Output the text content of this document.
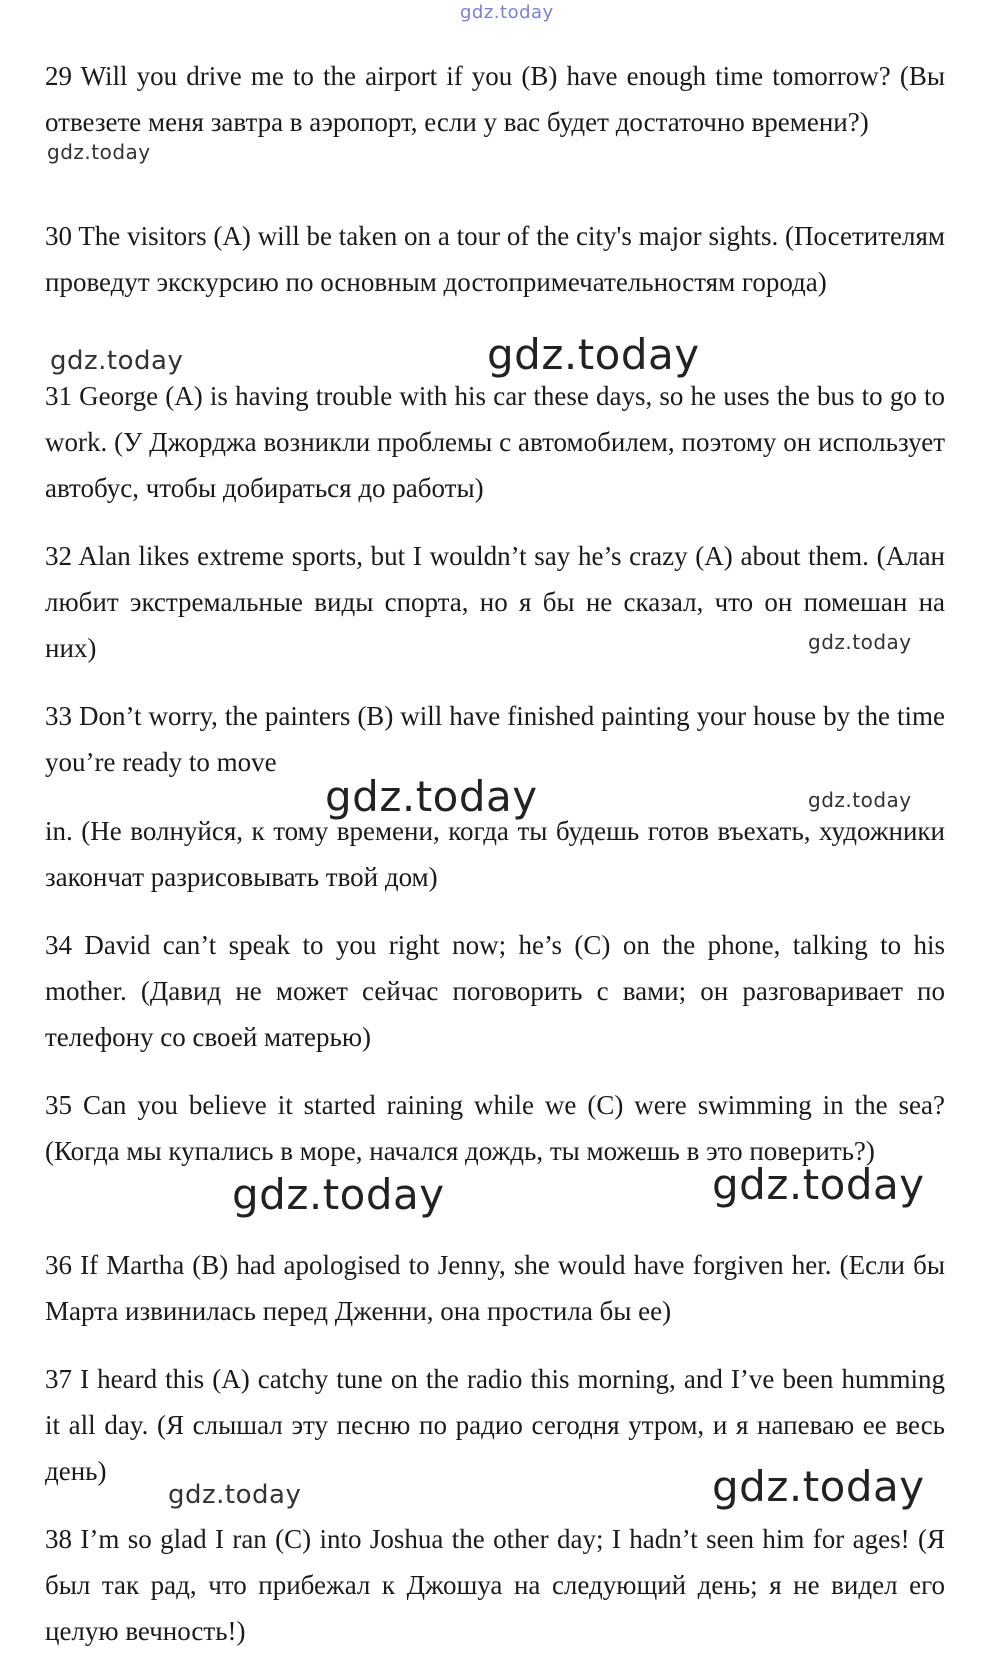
gdz.today
gdz.today
gdz.today	gdz.today
gdz.today
gdz.today	gdz.today
gdz.today	gdz.today
gdz.today	gdz.today

29 Will you drive me to the airport if you (B) have enough time tomorrow? (Вы отвезете меня завтра в аэропорт, если у вас будет достаточно времени?)

30 The visitors (A) will be taken on a tour of the city's major sights. (Посетителям проведут экскурсию по основным достопримечательностям города)

31 George (A) is having trouble with his car these days, so he uses the bus to go to work. (У Джорджа возникли проблемы с автомобилем, поэтому он использует автобус, чтобы добираться до работы)

32 Alan likes extreme sports, but I wouldn’t say he’s crazy (A) about them. (Алан любит экстремальные виды спорта, но я бы не сказал, что он помешан на них)

33 Don’t worry, the painters (B) will have finished painting your house by the time you’re ready to move

in. (Не волнуйся, к тому времени, когда ты будешь готов въехать, художники закончат разрисовывать твой дом)

34 David can’t speak to you right now; he’s (C) on the phone, talking to his mother. (Давид не может сейчас поговорить с вами; он разговаривает по телефону со своей матерью)

35 Can you believe it started raining while we (C) were swimming in the sea? (Когда мы купались в море, начался дождь, ты можешь в это поверить?)

36 If Martha (B) had apologised to Jenny, she would have forgiven her. (Если бы Марта извинилась перед Дженни, она простила бы ее)

37 I heard this (A) catchy tune on the radio this morning, and I’ve been humming it all day. (Я слышал эту песню по радио сегодня утром, и я напеваю ее весь день)

38 I’m so glad I ran (C) into Joshua the other day; I hadn’t seen him for ages! (Я был так рад, что прибежал к Джошуа на следующий день; я не видел его целую вечность!)
